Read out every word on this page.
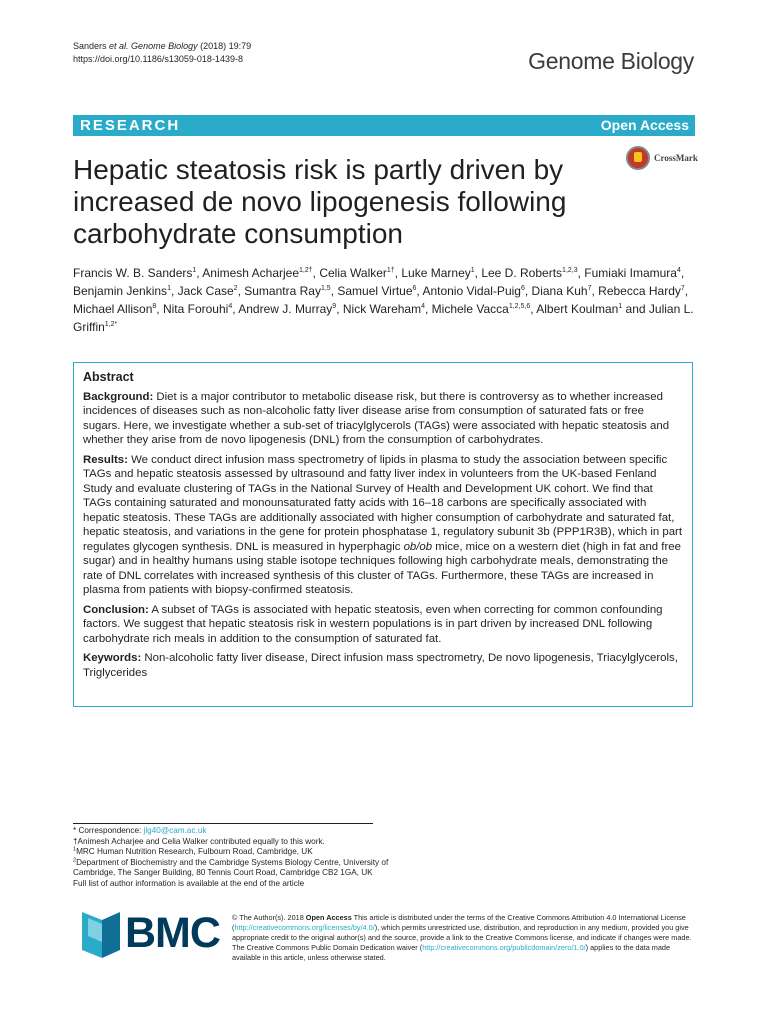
Sanders et al. Genome Biology (2018) 19:79
https://doi.org/10.1186/s13059-018-1439-8	Genome Biology
RESEARCH	Open Access
CrossMark
Hepatic steatosis risk is partly driven by increased de novo lipogenesis following carbohydrate consumption
Francis W. B. Sanders$^1$, Animesh Acharjee$^{1,2\dagger}$, Celia Walker$^{1\dagger}$, Luke Marney$^1$, Lee D. Roberts$^{1,2,3}$, Fumiaki Imamura$^4$, Benjamin Jenkins$^1$, Jack Case$^2$, Sumantra Ray$^{1,5}$, Samuel Virtue$^6$, Antonio Vidal-Puig$^6$, Diana Kuh$^7$, Rebecca Hardy$^7$, Michael Allison$^8$, Nita Forouhi$^4$, Andrew J. Murray$^9$, Nick Wareham$^4$, Michele Vacca$^{1,2,5,6}$, Albert Koulman$^1$ and Julian L. Griffin$^{1,2*}$
Abstract

Background: Diet is a major contributor to metabolic disease risk, but there is controversy as to whether increased incidences of diseases such as non-alcoholic fatty liver disease arise from consumption of saturated fats or free sugars. Here, we investigate whether a sub-set of triacylglycerols (TAGs) were associated with hepatic steatosis and whether they arise from de novo lipogenesis (DNL) from the consumption of carbohydrates.

Results: We conduct direct infusion mass spectrometry of lipids in plasma to study the association between specific TAGs and hepatic steatosis assessed by ultrasound and fatty liver index in volunteers from the UK-based Fenland Study and evaluate clustering of TAGs in the National Survey of Health and Development UK cohort. We find that TAGs containing saturated and monounsaturated fatty acids with 16–18 carbons are specifically associated with hepatic steatosis. These TAGs are additionally associated with higher consumption of carbohydrate and saturated fat, hepatic steatosis, and variations in the gene for protein phosphatase 1, regulatory subunit 3b (PPP1R3B), which in part regulates glycogen synthesis. DNL is measured in hyperphagic ob/ob mice, mice on a western diet (high in fat and free sugar) and in healthy humans using stable isotope techniques following high carbohydrate meals, demonstrating the rate of DNL correlates with increased synthesis of this cluster of TAGs. Furthermore, these TAGs are increased in plasma from patients with biopsy-confirmed steatosis.

Conclusion: A subset of TAGs is associated with hepatic steatosis, even when correcting for common confounding factors. We suggest that hepatic steatosis risk in western populations is in part driven by increased DNL following carbohydrate rich meals in addition to the consumption of saturated fat.

Keywords: Non-alcoholic fatty liver disease, Direct infusion mass spectrometry, De novo lipogenesis, Triacylglycerols, Triglycerides

* Correspondence: jlg40@cam.ac.uk
†Animesh Acharjee and Celia Walker contributed equally to this work.
$^1$MRC Human Nutrition Research, Fulbourn Road, Cambridge, UK
$^2$Department of Biochemistry and the Cambridge Systems Biology Centre, University of Cambridge, The Sanger Building, 80 Tennis Court Road, Cambridge CB2 1GA, UK
Full list of author information is available at the end of the article
BMC © The Author(s). 2018 Open Access This article is distributed under the terms of the Creative Commons Attribution 4.0 International License (http://creativecommons.org/licenses/by/4.0/), which permits unrestricted use, distribution, and reproduction in any medium, provided you give appropriate credit to the original author(s) and the source, provide a link to the Creative Commons license, and indicate if changes were made. The Creative Commons Public Domain Dedication waiver (http://creativecommons.org/publicdomain/zero/1.0/) applies to the data made available in this article, unless otherwise stated.
